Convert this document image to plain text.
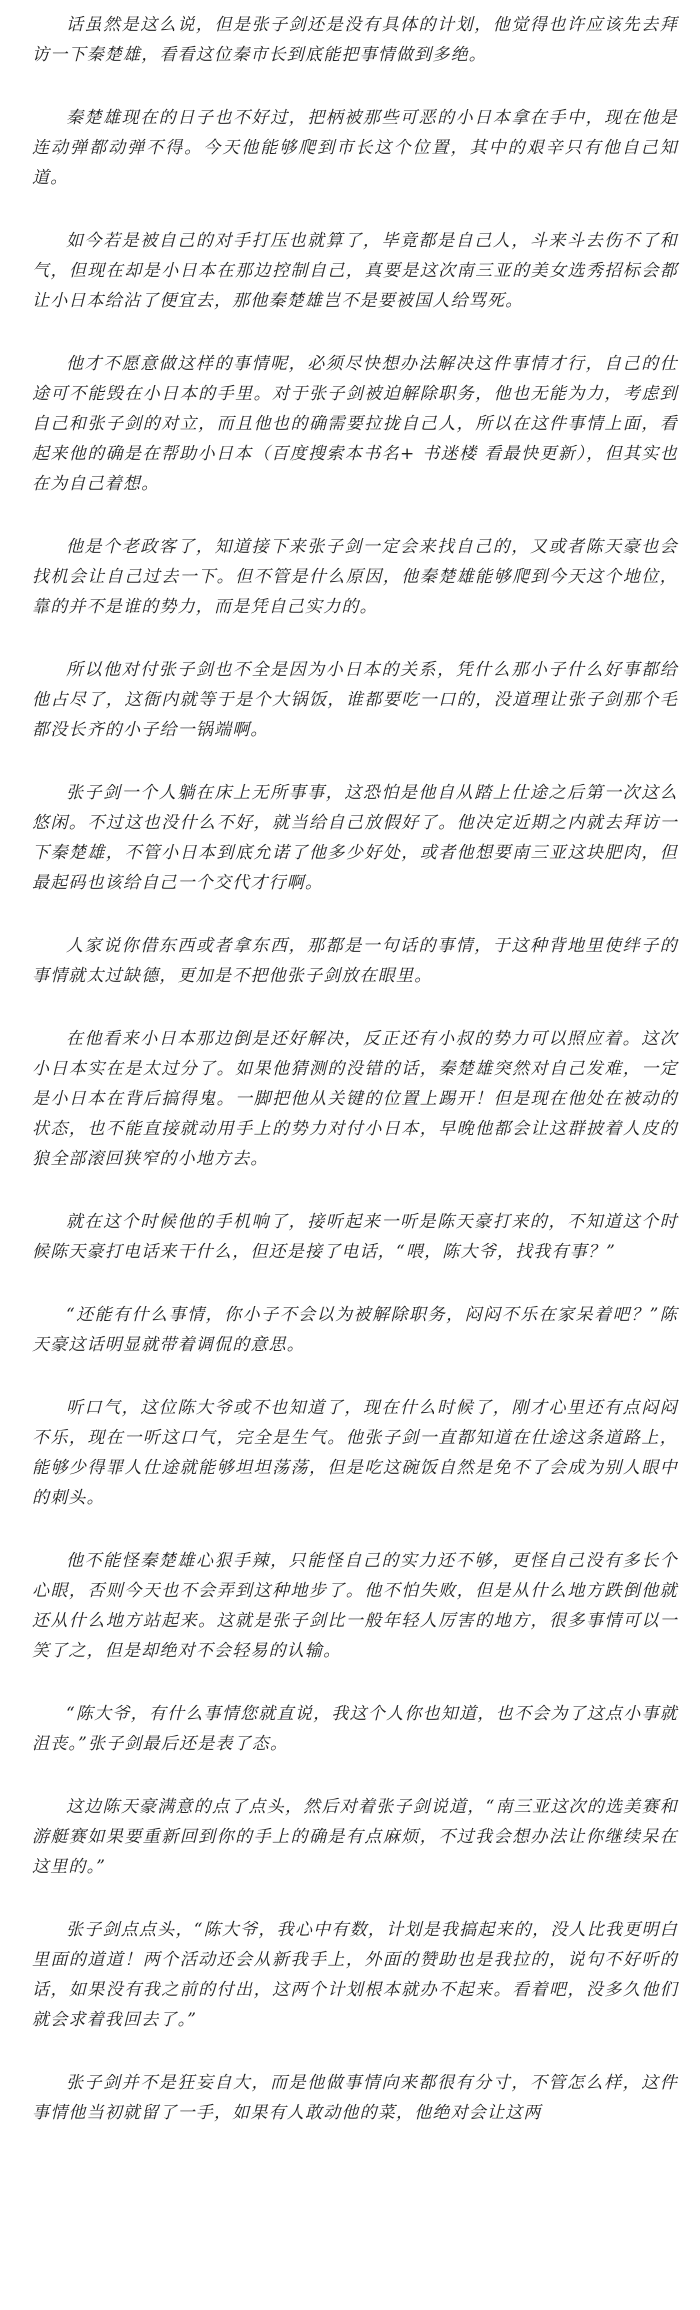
话虽然是这么说，但是张子剑还是没有具体的计划，他觉得也许应该先去拜访一下秦楚雄，看看这位秦市长到底能把事情做到多绝。

秦楚雄现在的日子也不好过，把柄被那些可恶的小日本拿在手中，现在他是连动弹都动弹不得。今天他能够爬到市长这个位置，其中的艰辛只有他自己知道。

如今若是被自己的对手打压也就算了，毕竟都是自己人，斗来斗去伤不了和气，但现在却是小日本在那边控制自己，真要是这次南三亚的美女选秀招标会都让小日本给沾了便宜去，那他秦楚雄岂不是要被国人给骂死。

他才不愿意做这样的事情呢，必须尽快想办法解决这件事情才行，自己的仕途可不能毁在小日本的手里。对于张子剑被迫解除职务，他也无能为力，考虑到自己和张子剑的对立，而且他也的确需要拉拢自己人，所以在这件事情上面，看起来他的确是在帮助小日本（百度搜索本书名+ 书迷楼 看最快更新），但其实也在为自己着想。

他是个老政客了，知道接下来张子剑一定会来找自己的，又或者陈天豪也会找机会让自己过去一下。但不管是什么原因，他秦楚雄能够爬到今天这个地位，靠的并不是谁的势力，而是凭自己实力的。

所以他对付张子剑也不全是因为小日本的关系，凭什么那小子什么好事都给他占尽了，这衙内就等于是个大锅饭，谁都要吃一口的，没道理让张子剑那个毛都没长齐的小子给一锅端啊。

张子剑一个人躺在床上无所事事，这恐怕是他自从踏上仕途之后第一次这么悠闲。不过这也没什么不好，就当给自己放假好了。他决定近期之内就去拜访一下秦楚雄，不管小日本到底允诺了他多少好处，或者他想要南三亚这块肥肉，但最起码也该给自己一个交代才行啊。

人家说你借东西或者拿东西，那都是一句话的事情，于这种背地里使绊子的事情就太过缺德，更加是不把他张子剑放在眼里。

在他看来小日本那边倒是还好解决，反正还有小叔的势力可以照应着。这次小日本实在是太过分了。如果他猜测的没错的话，秦楚雄突然对自己发难，一定是小日本在背后搞得鬼。一脚把他从关键的位置上踢开！但是现在他处在被动的状态，也不能直接就动用手上的势力对付小日本，早晚他都会让这群披着人皮的狼全部滚回狭窄的小地方去。

就在这个时候他的手机响了，接听起来一听是陈天豪打来的，不知道这个时候陈天豪打电话来干什么，但还是接了电话，“喂，陈大爷，找我有事？”

“还能有什么事情，你小子不会以为被解除职务，闷闷不乐在家呆着吧？”陈天豪这话明显就带着调侃的意思。

听口气，这位陈大爷或不也知道了，现在什么时候了，刚才心里还有点闷闷不乐，现在一听这口气，完全是生气。他张子剑一直都知道在仕途这条道路上，能够少得罪人仕途就能够坦坦荡荡，但是吃这碗饭自然是免不了会成为别人眼中的刺头。

他不能怪秦楚雄心狠手辣，只能怪自己的实力还不够，更怪自己没有多长个心眼，否则今天也不会弄到这种地步了。他不怕失败，但是从什么地方跌倒他就还从什么地方站起来。这就是张子剑比一般年轻人厉害的地方，很多事情可以一笑了之，但是却绝对不会轻易的认输。

“陈大爷，有什么事情您就直说，我这个人你也知道，也不会为了这点小事就沮丧。”张子剑最后还是表了态。

这边陈天豪满意的点了点头，然后对着张子剑说道，“南三亚这次的选美赛和游艇赛如果要重新回到你的手上的确是有点麻烦，不过我会想办法让你继续呆在这里的。”

张子剑点点头，“陈大爷，我心中有数，计划是我搞起来的，没人比我更明白里面的道道！两个活动还会从新我手上，外面的赞助也是我拉的，说句不好听的话，如果没有我之前的付出，这两个计划根本就办不起来。看着吧，没多久他们就会求着我回去了。”

张子剑并不是狂妄自大，而是他做事情向来都很有分寸，不管怎么样，这件事情他当初就留了一手，如果有人敢动他的菜，他绝对会让这两
